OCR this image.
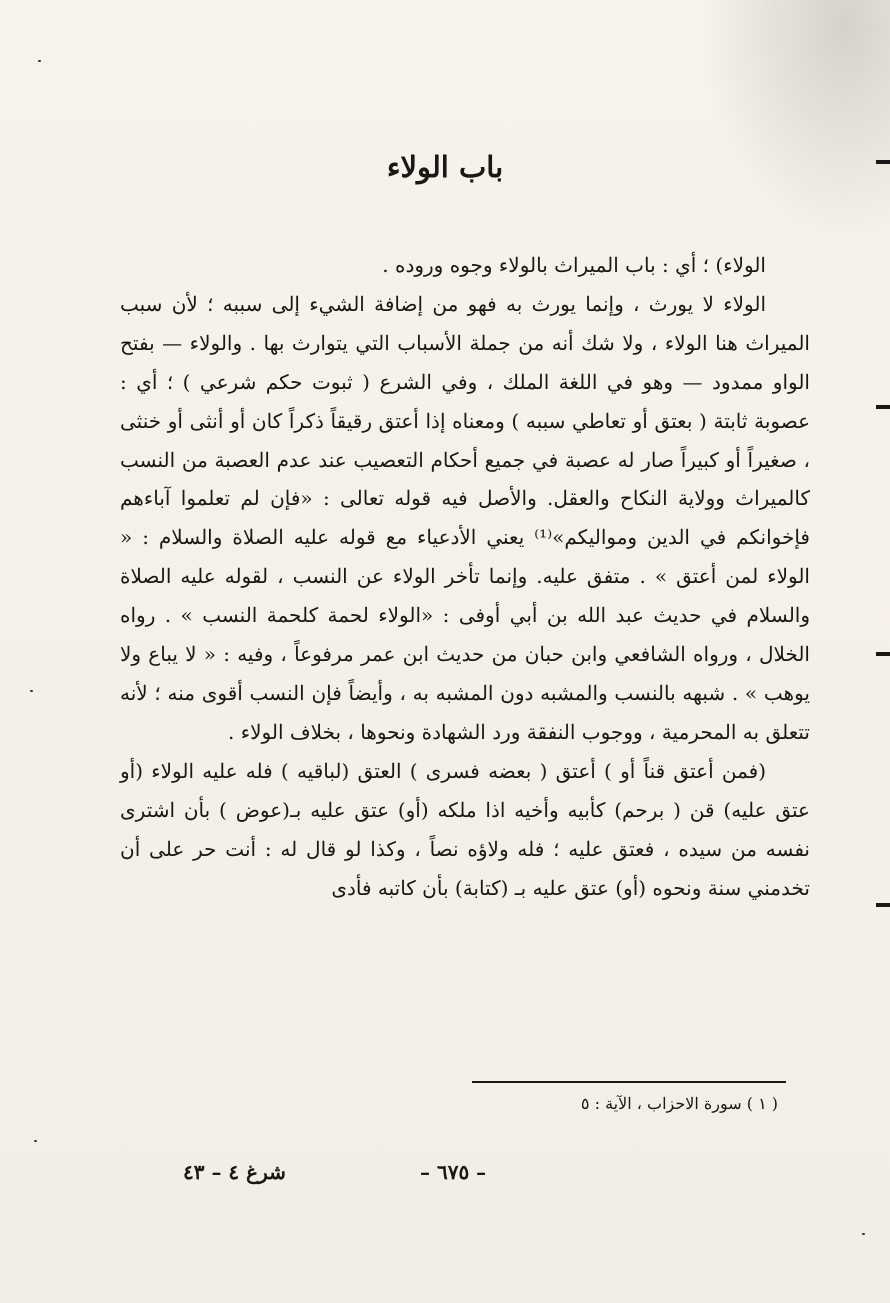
باب الولاء

الولاء) ؛ أي : باب الميراث بالولاء وجوه وروده .

الولاء لا يورث ، وإنما يورث به فهو من إضافة الشيء إلى سببه ؛ لأن سبب الميراث هنا الولاء ، ولا شك أنه من جملة الأسباب التي يتوارث بها . والولاء — بفتح الواو ممدود — وهو في اللغة الملك ، وفي الشرع ( ثبوت حكم شرعي ) ؛ أي : عصوبة ثابتة ( بعتق أو تعاطي سببه ) ومعناه إذا أعتق رقيقاً ذكراً كان أو أنثى أو خنثى ، صغيراً أو كبيراً صار له عصبة في جميع أحكام التعصيب عند عدم العصبة من النسب كالميراث وولاية النكاح والعقل. والأصل فيه قوله تعالى : «فإن لم تعلموا آباءهم فإخوانكم في الدين ومواليكم»⁽¹⁾ يعني الأدعياء مع قوله عليه الصلاة والسلام : « الولاء لمن أعتق » . متفق عليه. وإنما تأخر الولاء عن النسب ، لقوله عليه الصلاة والسلام في حديث عبد الله بن أبي أوفى : «الولاء لحمة كلحمة النسب » . رواه الخلال ، ورواه الشافعي وابن حبان من حديث ابن عمر مرفوعاً ، وفيه : « لا يباع ولا يوهب » . شبهه بالنسب والمشبه دون المشبه به ، وأيضاً فإن النسب أقوى منه ؛ لأنه تتعلق به المحرمية ، ووجوب النفقة ورد الشهادة ونحوها ، بخلاف الولاء .

(فمن أعتق قناً أو ) أعتق ( بعضه فسرى ) العتق (لباقيه ) فله عليه الولاء (أو عتق عليه) قن ( برحم) كأبيه وأخيه اذا ملكه (أو) عتق عليه بـ(عوض ) بأن اشترى نفسه من سيده ، فعتق عليه ؛ فله ولاؤه نصاً ، وكذا لو قال له : أنت حر على أن تخدمني سنة ونحوه (أو) عتق عليه بـ (كتابة) بأن كاتبه فأدى

( ١ ) سورة الاحزاب ، الآية : ٥
– ٦٧٥ –
شرغ ٤ – ٤٣
